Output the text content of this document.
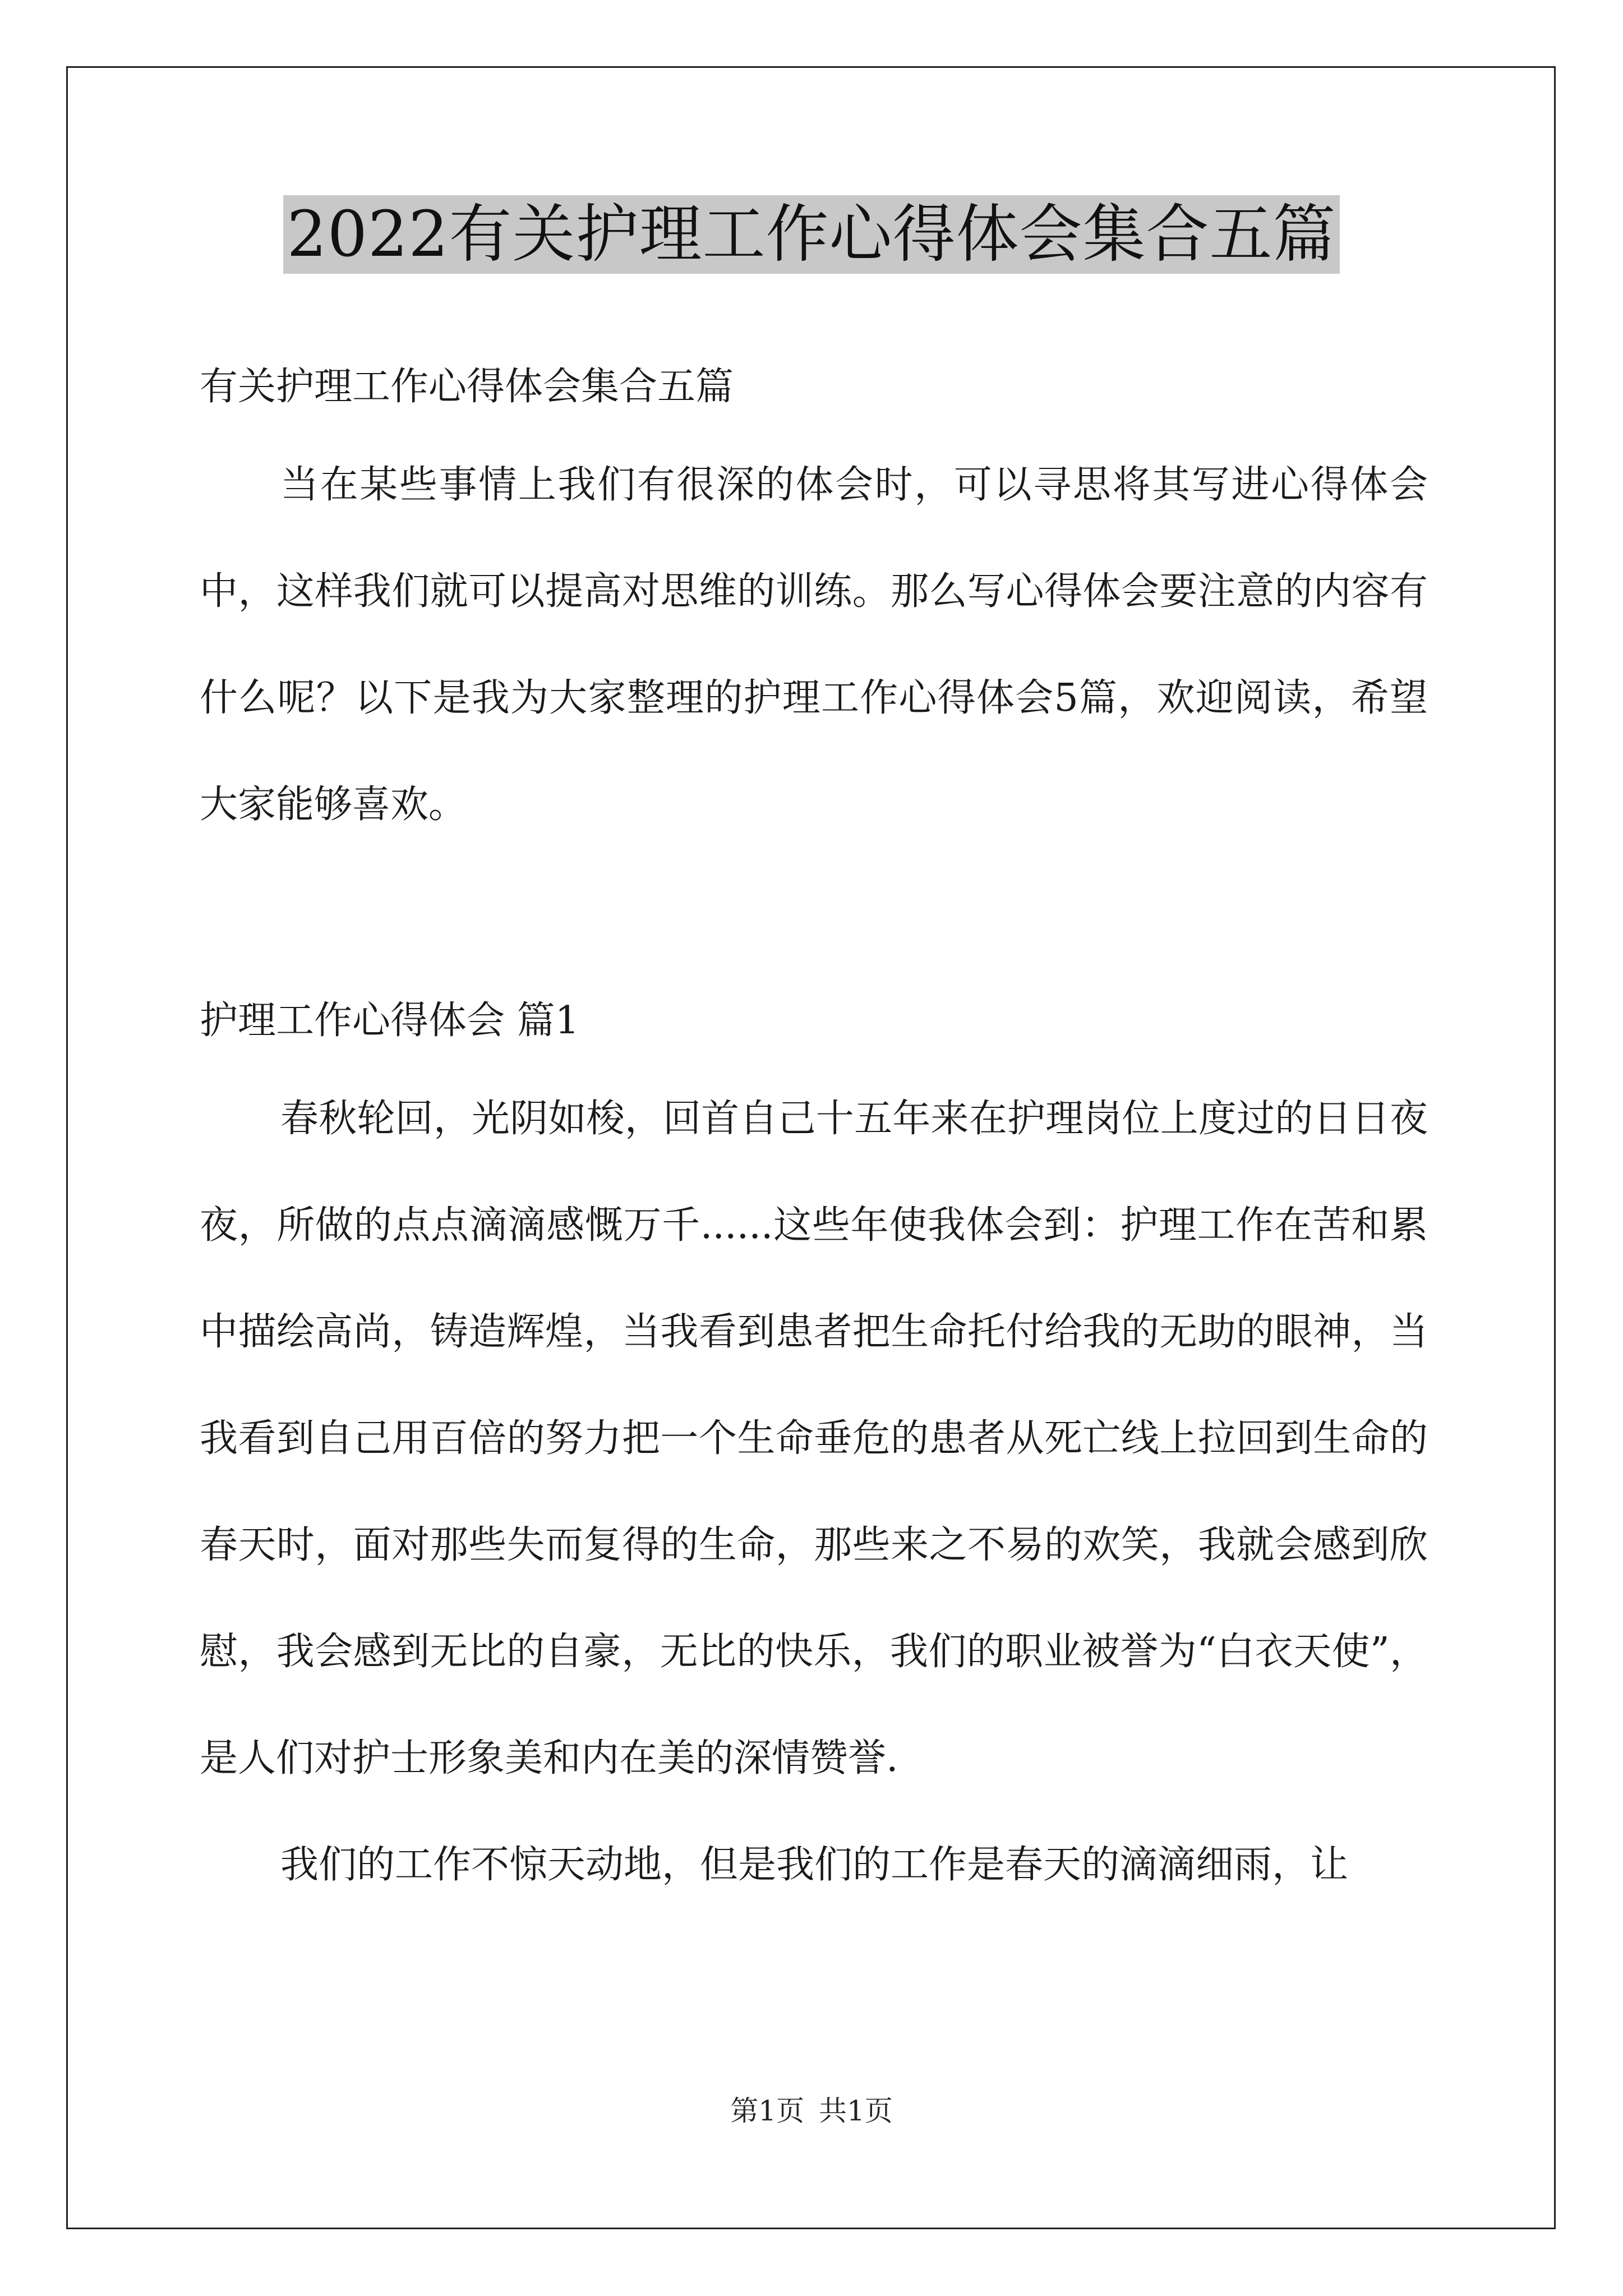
2022有关护理工作心得体会集合五篇
有关护理工作心得体会集合五篇

当在某些事情上我们有很深的体会时，可以寻思将其写进心得体会中，这样我们就可以提高对思维的训练。那么写心得体会要注意的内容有什么呢？以下是我为大家整理的护理工作心得体会5篇，欢迎阅读，希望大家能够喜欢。

护理工作心得体会 篇1

春秋轮回，光阴如梭，回首自己十五年来在护理岗位上度过的日日夜夜，所做的点点滴滴感慨万千......这些年使我体会到：护理工作在苦和累中描绘高尚，铸造辉煌，当我看到患者把生命托付给我的无助的眼神，当我看到自己用百倍的努力把一个生命垂危的患者从死亡线上拉回到生命的春天时，面对那些失而复得的生命，那些来之不易的欢笑，我就会感到欣慰，我会感到无比的自豪，无比的快乐，我们的职业被誉为“白衣天使”，是人们对护士形象美和内在美的深情赞誉.

我们的工作不惊天动地，但是我们的工作是春天的滴滴细雨，让

第1页 共1页
